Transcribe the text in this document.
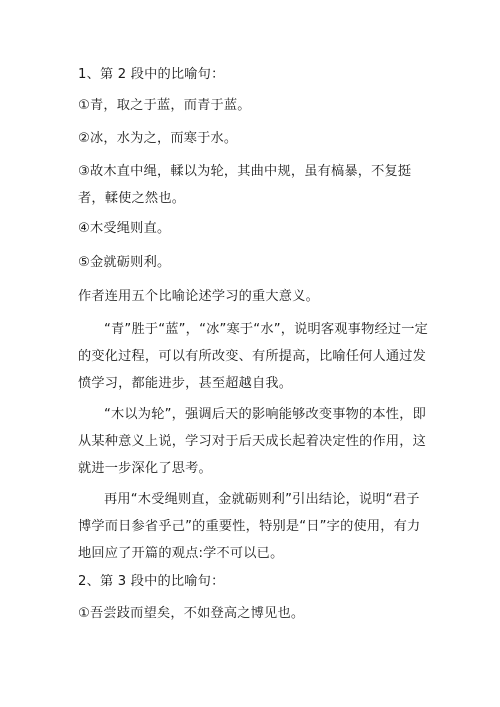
1、第 2 段中的比喻句：

①青，取之于蓝，而青于蓝。

②冰，水为之，而寒于水。

③故木直中绳，輮以为轮，其曲中规，虽有槁暴，不复挺者，輮使之然也。

④木受绳则直。

⑤金就砺则利。

作者连用五个比喻论述学习的重大意义。

“青”胜于“蓝”，“冰”寒于“水”，说明客观事物经过一定的变化过程，可以有所改变、有所提高，比喻任何人通过发愤学习，都能进步，甚至超越自我。

“木以为轮”，强调后天的影响能够改变事物的本性，即从某种意义上说，学习对于后天成长起着决定性的作用，这就进一步深化了思考。

再用“木受绳则直，金就砺则利”引出结论，说明“君子博学而日参省乎己”的重要性，特别是“日”字的使用，有力地回应了开篇的观点:学不可以已。

2、第 3 段中的比喻句：

①吾尝跂而望矣，不如登高之博见也。
